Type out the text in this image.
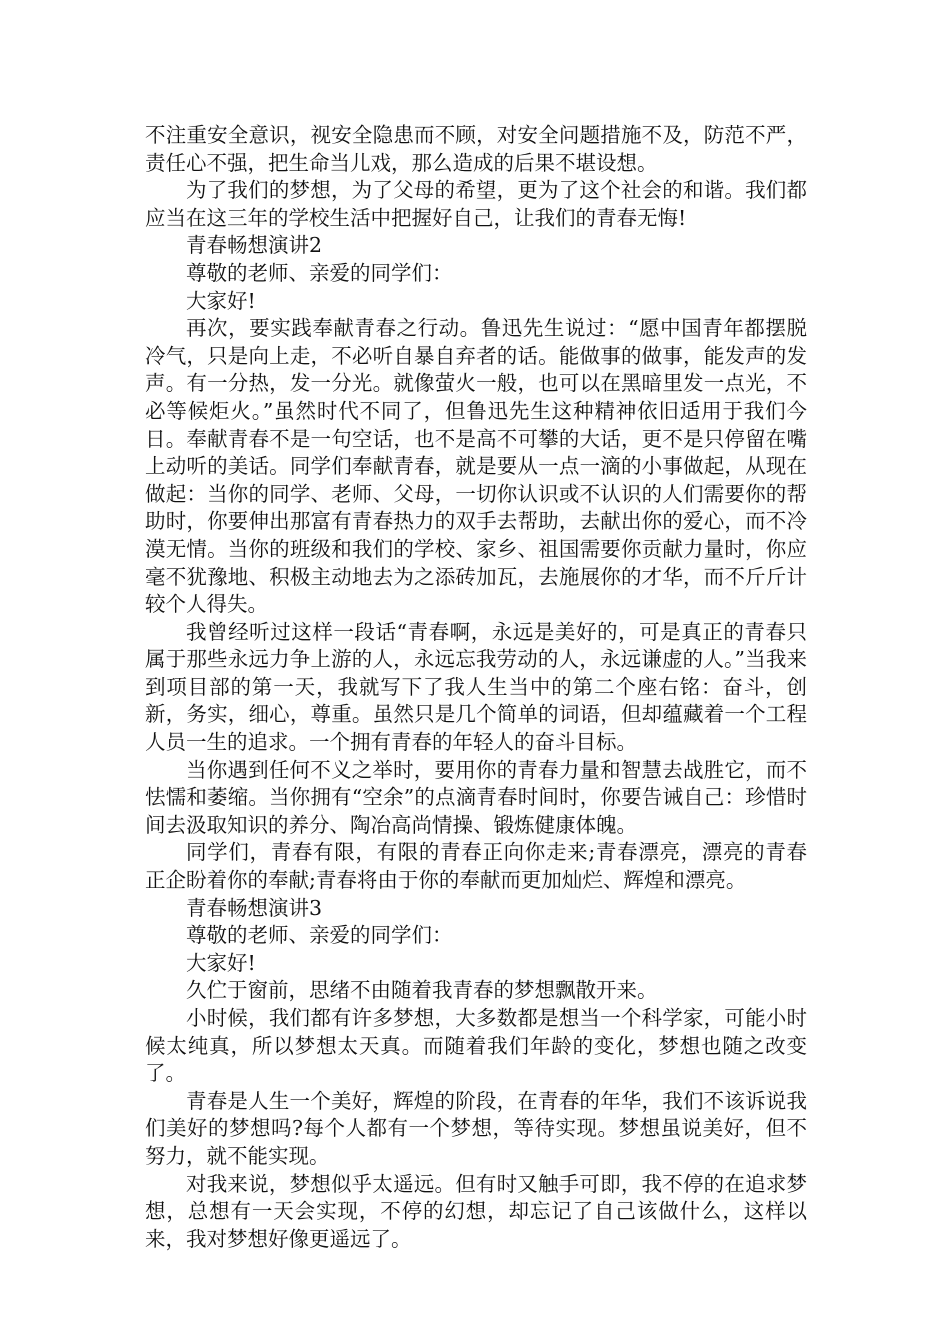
不注重安全意识，视安全隐患而不顾，对安全问题措施不及，防范不严，责任心不强，把生命当儿戏，那么造成的后果不堪设想。

为了我们的梦想，为了父母的希望，更为了这个社会的和谐。我们都应当在这三年的学校生活中把握好自己，让我们的青春无悔!

青春畅想演讲2

尊敬的老师、亲爱的同学们：

大家好!

再次，要实践奉献青春之行动。鲁迅先生说过：“愿中国青年都摆脱冷气，只是向上走，不必听自暴自弃者的话。能做事的做事，能发声的发声。有一分热，发一分光。就像萤火一般，也可以在黑暗里发一点光，不必等候炬火。”虽然时代不同了，但鲁迅先生这种精神依旧适用于我们今日。奉献青春不是一句空话，也不是高不可攀的大话，更不是只停留在嘴上动听的美话。同学们奉献青春，就是要从一点一滴的小事做起，从现在做起：当你的同学、老师、父母，一切你认识或不认识的人们需要你的帮助时，你要伸出那富有青春热力的双手去帮助，去献出你的爱心，而不冷漠无情。当你的班级和我们的学校、家乡、祖国需要你贡献力量时，你应毫不犹豫地、积极主动地去为之添砖加瓦，去施展你的才华，而不斤斤计较个人得失。

我曾经听过这样一段话“青春啊，永远是美好的，可是真正的青春只属于那些永远力争上游的人，永远忘我劳动的人，永远谦虚的人。”当我来到项目部的第一天，我就写下了我人生当中的第二个座右铭：奋斗，创新，务实，细心，尊重。虽然只是几个简单的词语，但却蕴藏着一个工程人员一生的追求。一个拥有青春的年轻人的奋斗目标。

当你遇到任何不义之举时，要用你的青春力量和智慧去战胜它，而不怯懦和萎缩。当你拥有“空余”的点滴青春时间时，你要告诫自己：珍惜时间去汲取知识的养分、陶冶高尚情操、锻炼健康体魄。

同学们，青春有限，有限的青春正向你走来;青春漂亮，漂亮的青春正企盼着你的奉献;青春将由于你的奉献而更加灿烂、辉煌和漂亮。

青春畅想演讲3

尊敬的老师、亲爱的同学们：

大家好!

久伫于窗前，思绪不由随着我青春的梦想飘散开来。

小时候，我们都有许多梦想，大多数都是想当一个科学家，可能小时候太纯真，所以梦想太天真。而随着我们年龄的变化，梦想也随之改变了。

青春是人生一个美好，辉煌的阶段，在青春的年华，我们不该诉说我们美好的梦想吗?每个人都有一个梦想，等待实现。梦想虽说美好，但不努力，就不能实现。

对我来说，梦想似乎太遥远。但有时又触手可即，我不停的在追求梦想，总想有一天会实现，不停的幻想，却忘记了自己该做什么，这样以来，我对梦想好像更遥远了。
